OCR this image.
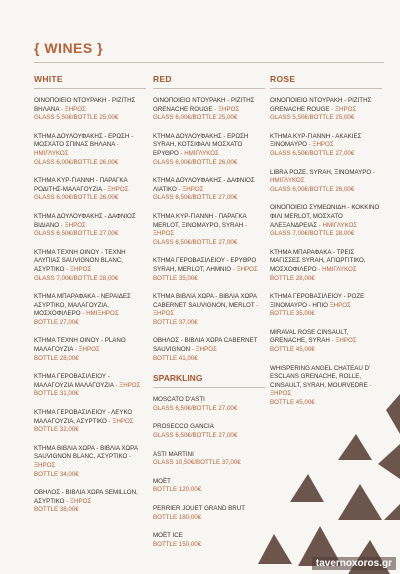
{ WINES }
WHITE
ΟΙΝΟΠΟΙΕΙΟ ΝΤΟΥΡΑΚΗ - ΡΙΖΙΤΗΣ ΒΗΛΑΝΑ - ΞΗΡΟΣ
GLASS 5,50€/BOTTLE 25,00€
ΚΤΗΜΑ ΔΟΥΛΟΥΦΑΚΗΣ - ΕΡΩΣΗ - ΜΟΣΧΑΤΟ ΣΠΙΝΑΣ ΒΗΛΑΝΑ - ΗΜΙΓΛΥΚΟΣ
GLASS 6,00€/BOTTLE 26,00€
ΚΤΗΜΑ ΚΥΡ-ΓΙΑΝΝΗ - ΠΑΡΑΓΚΑ ΡΟΔΙΤΗΣ-ΜΑΛΑΓΟΥΖΙΑ - ΞΗΡΟΣ
GLASS 6,00€/BOTTLE 26,00€
ΚΤΗΜΑ ΔΟΥΛΟΥΦΑΚΗΣ - ΔΑΦΝΙΟΣ ΒΙΔΙΑΝΟ - ΞΗΡΟΣ
GLASS 6,50€/BOTTLE 27,00€
ΚΤΗΜΑ ΤΕΧΝΗ ΟΙΝΟΥ - ΤΕΧΝΗ ΑΛΥΠΙΑΣ SAUVIGNON BLANC, ΑΣΥΡΤΙΚΟ - ΞΗΡΟΣ
GLASS 7,00€/BOTTLE 28,00€
ΚΤΗΜΑ ΜΠΑΡΑΦΑΚΑ - ΝΕΡΑΙΔΕΣ ΑΣΥΡΤΙΚΟ, ΜΑΛΑΓΟΥΖΙΑ, ΜΟΣΧΟΦΙΛΕΡΟ - ΗΜΙΞΗΡΟΣ
BOTTLE 27,00€
ΚΤΗΜΑ ΤΕΧΝΗ ΟΙΝΟΥ - PLANO ΜΑΛΑΓΟΥΖΙΑ - ΞΗΡΟΣ
BOTTLE 28,00€
ΚΤΗΜΑ ΓΕΡΟΒΑΣΙΛΕΙΟΥ - ΜΑΛΑΓΟΥΖΙΑ ΜΑΛΑΓΟΥΖΙΑ - ΞΗΡΟΣ
BOTTLE 31,00€
ΚΤΗΜΑ ΓΕΡΟΒΑΣΙΛΕΙΟΥ - ΛΕΥΚΟ ΜΑΛΑΓΟΥΖΙΑ, ΑΣΥΡΤΙΚΟ - ΞΗΡΟΣ
BOTTLE 32,00€
ΚΤΗΜΑ ΒΙΒΛΙΑ ΧΩΡΑ - ΒΙΒΛΙΑ ΧΩΡΑ SAUVIGNON BLANC, ΑΣΥΡΤΙΚΟ - ΞΗΡΟΣ
BOTTLE 34,00€
ΟΒΗΛΟΣ - ΒΙΒΛΙΑ ΧΩΡΑ SEMILLON, ΑΣΥΡΤΙΚΟ - ΞΗΡΟΣ
BOTTLE 38,00€
RED
ΟΙΝΟΠΟΙΕΙΟ ΝΤΟΥΡΑΚΗ - ΡΙΖΙΤΗΣ GRENACHE ROUGE - ΞΗΡΟΣ
GLASS 6,00€/BOTTLE 25,00€
ΚΤΗΜΑ ΔΟΥΛΟΥΦΑΚΗΣ - ΕΡΩΣΗ SYRAH, ΚΟΤΣΙΦΑΛΙ ΜΟΣΧΑΤΟ ΕΡΥΘΡΟ - ΗΜΙΓΛΥΚΟΣ
GLASS 6,00€/BOTTLE 26,00€
ΚΤΗΜΑ ΔΟΥΛΟΥΦΑΚΗΣ - ΔΑΦΝΙΟΣ ΛΙΑΤΙΚΟ - ΞΗΡΟΣ
GLASS 6,50€/BOTTLE 27,00€
ΚΤΗΜΑ ΚΥΡ-ΓΙΑΝΝΗ - ΠΑΡΑΓΚΑ MERLOT, ΞΙΝΟΜΑΥΡΟ, SYRAH - ΞΗΡΟΣ
GLASS 6,50€/BOTTLE 27,00€
ΚΤΗΜΑ ΓΕΡΟΒΑΣΙΛΕΙΟΥ - ΕΡΥΘΡΟ SYRAH, MERLOT, ΛΗΜΝΙΟ - ΞΗΡΟΣ
BOTTLE 35,00€
ΚΤΗΜΑ ΒΙΒΛΙΑ ΧΩΡΑ - ΒΙΒΛΙΑ ΧΩΡΑ CABERNET SAUVIGNON, MERLOT - ΞΗΡΟΣ
BOTTLE 37,00€
ΟΒΗΛΟΣ - ΒΙΒΛΙΑ ΧΩΡΑ CABERNET SAUVIGNON - ΞΗΡΟΣ
BOTTLE 41,00€
SPARKLING
MOSCATO D'ASTI
GLASS 6,50€/BOTTLE 27,00€
PROSECCO GANCIA
GLASS 6,50€/BOTTLE 27,00€
ASTI MARTINI
GLASS 10,50€/BOTTLE 37,00€
MOËT
BOTTLE 120,00€
PERRIER JOUET GRAND BRUT
BOTTLE 180,00€
MOËT ICE
BOTTLE 150,00€
ROSE
ΟΙΝΟΠΟΙΕΙΟ ΝΤΟΥΡΑΚΗ - ΡΙΖΙΤΗΣ GRENACHE ROUGE - ΞΗΡΟΣ
GLASS 5,50€/BOTTLE 25,00€
ΚΤΗΜΑ ΚΥΡ-ΓΙΑΝΝΗ - ΑΚΑΚΙΕΣ ΞΙΝΟΜΑΥΡΟ - ΞΗΡΟΣ
GLASS 6,50€/BOTTLE 27,00€
LIBRA ΡΟΖΕ, SYRAH, ΞΙΝΟΜΑΥΡΟ - ΗΜΙΓΛΥΚΟΣ
GLASS 6,00€/BOTTLE 26,00€
ΟΙΝΟΠΟΙΕΙΟ ΣΥΜΕΩΝΙΔΗ - ΚΟΚΚΙΝΟ ΦΙΛΙ MERLOT, ΜΟΣΧΑΤΟ ΑΛΕΞΑΝΔΡΕΙΑΣ - ΗΜΙΓΛΥΚΟΣ
GLASS 7,00€/BOTTLE 28,00€
ΚΤΗΜΑ ΜΠΑΡΑΦΑΚΑ - ΤΡΕΙΣ ΜΑΓΙΣΣΕΣ SYRAH, ΑΓΙΩΡΓΙΤΙΚΟ, ΜΟΣΧΟΦΙΛΕΡΟ - ΗΜΙΓΛΥΚΟΣ
BOTTLE 28,00€
ΚΤΗΜΑ ΓΕΡΟΒΑΣΙΛΕΙΟΥ - ΡΟΖΕ ΞΙΝΟΜΑΥΡΟ - ΗΠΙΟ ΞΗΡΟΣ
BOTTLE 35,00€
MIRAVAL ROSE CINSAULT, GRENACHE, SYRAH - ΞΗΡΟΣ
BOTTLE 45,00€
WHISPERING ANGEL CHATEAU D' ESCLANS GRENACHE, ROLLE, CINSAULT, SYRAH, MOURVEDRE - ΞΗΡΟΣ
BOTTLE 45,00€
tavernoxoros.gr
